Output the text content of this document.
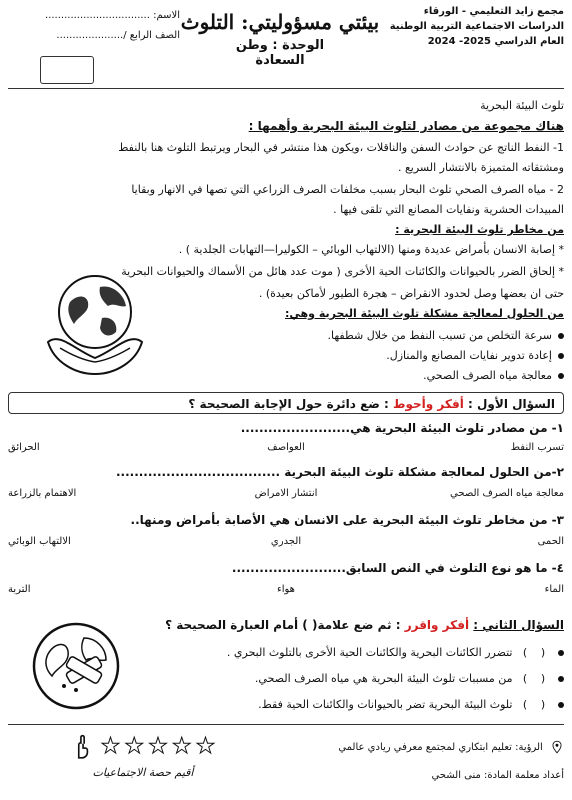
مجمع زايد التعليمي - الورقاء
الدراسات الاجتماعية التربية الوطنية
العام الدراسي 2025- 2024
بيئتي مسؤوليتي: التلوث
الوحدة : وطن السعادة
الاسم: .................................
الصف الرابع /.....................
تلوث البيئة البحرية
هناك مجموعة من مصادر لتلوث البيئة البحرية وأهمها :
1- النفط الناتج عن حوادث السفن والناقلات ،ويكون هذا منتشر في البحار ويرتبط التلوث هنا بالنفط
ومشتقاته المتميزة بالانتشار السريع .
2 - مياه الصرف الصحي تلوث البحار بسبب مخلفات الصرف الزراعي التي تصها في الانهار وبقايا
المبيدات الحشرية ونفايات المصانع التي تلقى فيها .
من مخاطر تلوث البيئة البحرية :
* إصابة الانسان بأمراض عديدة ومنها (الالتهاب الوبائي – الكوليرا—التهابات الجلدية ) .
* إلحاق الضرر بالحيوانات والكائنات الحية الأخرى ( موت عدد هائل من الأسماك والحيوانات البحرية
حتى ان بعضها وصل لحدود الانقراض – هجرة الطيور لأماكن بعيدة) .
من الحلول لمعالجة مشكلة تلوث البيئة البحرية وهي:
سرعة التخلص من تسبب النفط من خلال شطفها.
إعادة تدوير نفايات المصانع والمنازل.
معالجة مياه الصرف الصحي.
السؤال الأول : أفكر وأحوط : ضع دائرة حول الإجابة الصحيحة ؟
١- من مصادر تلوث البيئة البحرية هي........................
تسرب النفط
العواصف
الحرائق
٢-من الحلول لمعالجة مشكلة تلوث البيئة البحرية ....................................
معالجة مياه الصرف الصحي
انتشار الامراض
الاهتمام بالزراعة
٣- من مخاطر تلوث البيئة البحرية على الانسان هي الأصابة بأمراض ومنها..
الحمى
الجدري
الالتهاب الوبائي
٤- ما هو نوع التلوث في النص السابق.........................
الماء
هواء
التربة
السؤال الثاني : أفكر واقرر : ثم ضع علامة( ) أمام العبارة الصحيحة ؟
() تتضرر الكائنات البحرية والكائنات الحية الأخرى بالتلوث البحري .
() من مسببات تلوث البيئة البحرية هي مياه الصرف الصحي.
() تلوث البيئة البحرية تضر بالحيوانات والكائنات الحية فقط.
★ ★ ★ ★ ★
أقيم حصة الاجتماعيات
الرؤية: تعليم ابتكاري لمجتمع معرفي ريادي عالمي
أعداد معلمة المادة: منى الشحي
